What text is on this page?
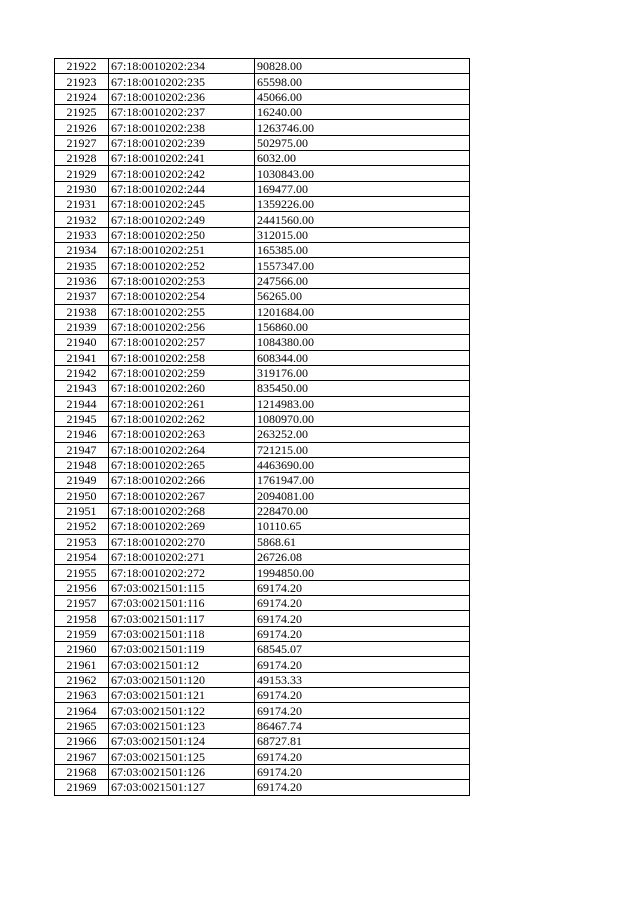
21922	67:18:0010202:234	90828.00
21923	67:18:0010202:235	65598.00
21924	67:18:0010202:236	45066.00
21925	67:18:0010202:237	16240.00
21926	67:18:0010202:238	1263746.00
21927	67:18:0010202:239	502975.00
21928	67:18:0010202:241	6032.00
21929	67:18:0010202:242	1030843.00
21930	67:18:0010202:244	169477.00
21931	67:18:0010202:245	1359226.00
21932	67:18:0010202:249	2441560.00
21933	67:18:0010202:250	312015.00
21934	67:18:0010202:251	165385.00
21935	67:18:0010202:252	1557347.00
21936	67:18:0010202:253	247566.00
21937	67:18:0010202:254	56265.00
21938	67:18:0010202:255	1201684.00
21939	67:18:0010202:256	156860.00
21940	67:18:0010202:257	1084380.00
21941	67:18:0010202:258	608344.00
21942	67:18:0010202:259	319176.00
21943	67:18:0010202:260	835450.00
21944	67:18:0010202:261	1214983.00
21945	67:18:0010202:262	1080970.00
21946	67:18:0010202:263	263252.00
21947	67:18:0010202:264	721215.00
21948	67:18:0010202:265	4463690.00
21949	67:18:0010202:266	1761947.00
21950	67:18:0010202:267	2094081.00
21951	67:18:0010202:268	228470.00
21952	67:18:0010202:269	10110.65
21953	67:18:0010202:270	5868.61
21954	67:18:0010202:271	26726.08
21955	67:18:0010202:272	1994850.00
21956	67:03:0021501:115	69174.20
21957	67:03:0021501:116	69174.20
21958	67:03:0021501:117	69174.20
21959	67:03:0021501:118	69174.20
21960	67:03:0021501:119	68545.07
21961	67:03:0021501:12	69174.20
21962	67:03:0021501:120	49153.33
21963	67:03:0021501:121	69174.20
21964	67:03:0021501:122	69174.20
21965	67:03:0021501:123	86467.74
21966	67:03:0021501:124	68727.81
21967	67:03:0021501:125	69174.20
21968	67:03:0021501:126	69174.20
21969	67:03:0021501:127	69174.20
